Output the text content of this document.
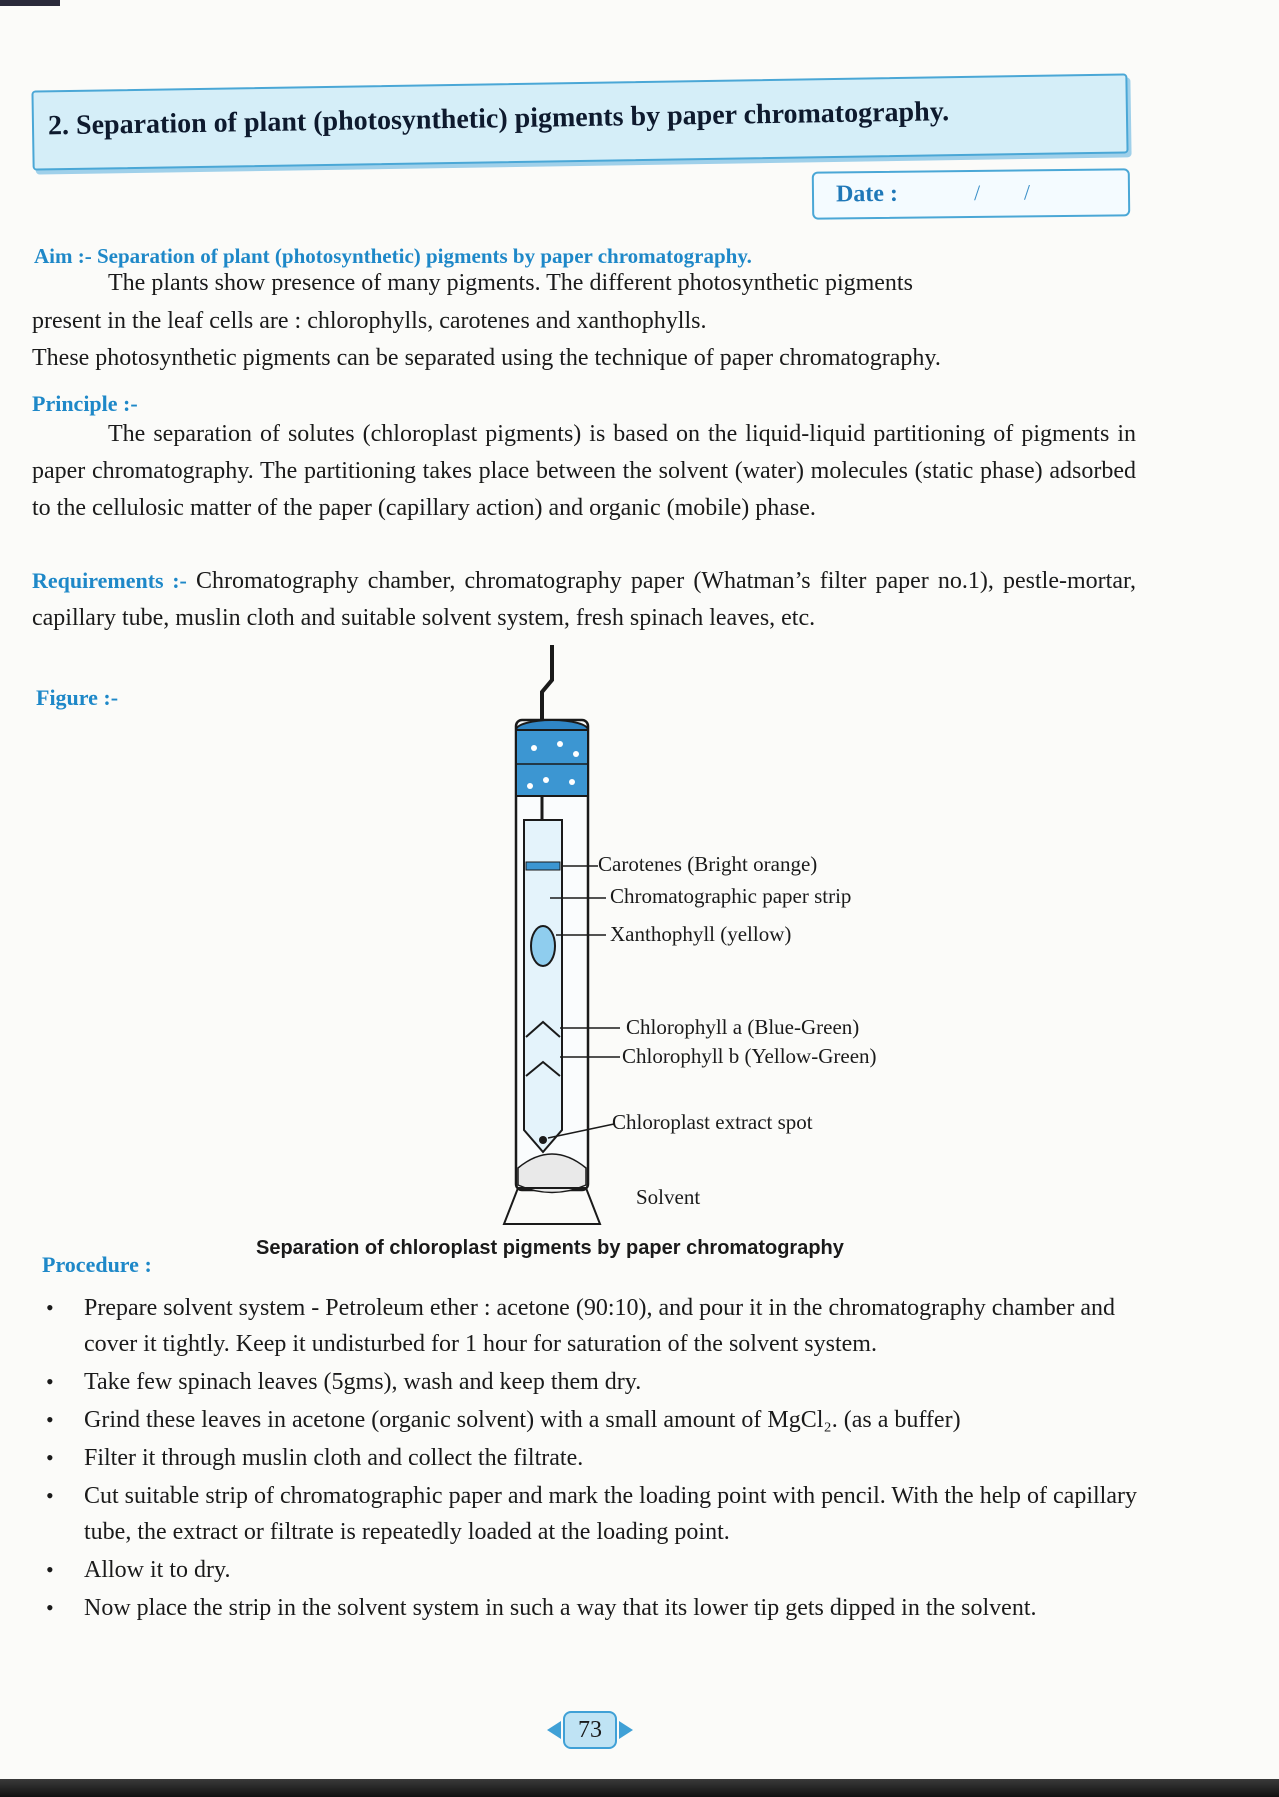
2. Separation of plant (photosynthetic) pigments by paper chromatography.
Date :	/ /
Aim :- Separation of plant (photosynthetic) pigments by paper chromatography.
The plants show presence of many pigments. The different photosynthetic pigments
present in the leaf cells are : chlorophylls, carotenes and xanthophylls.
These photosynthetic pigments can be separated using the technique of paper chromatography.
Principle :-
The separation of solutes (chloroplast pigments) is based on the liquid-liquid partitioning of pigments in paper chromatography. The partitioning takes place between the solvent (water) molecules (static phase) adsorbed to the cellulosic matter of the paper (capillary action) and organic (mobile) phase.
Requirements :- Chromatography chamber, chromatography paper (Whatman’s filter paper no.1), pestle-mortar, capillary tube, muslin cloth and suitable solvent system, fresh spinach leaves, etc.
Figure :-
Carotenes (Bright orange)
Chromatographic paper strip
Xanthophyll (yellow)
Chlorophyll a (Blue-Green)
Chlorophyll b (Yellow-Green)
Chloroplast extract spot
Solvent
Separation of chloroplast pigments by paper chromatography
Procedure :
• Prepare solvent system - Petroleum ether : acetone (90:10), and pour it in the chromatography chamber and cover it tightly. Keep it undisturbed for 1 hour for saturation of the solvent system.
• Take few spinach leaves (5gms), wash and keep them dry.
• Grind these leaves in acetone (organic solvent) with a small amount of MgCl₂. (as a buffer)
• Filter it through muslin cloth and collect the filtrate.
• Cut suitable strip of chromatographic paper and mark the loading point with pencil. With the help of capillary tube, the extract or filtrate is repeatedly loaded at the loading point.
• Allow it to dry.
• Now place the strip in the solvent system in such a way that its lower tip gets dipped in the solvent.
73
